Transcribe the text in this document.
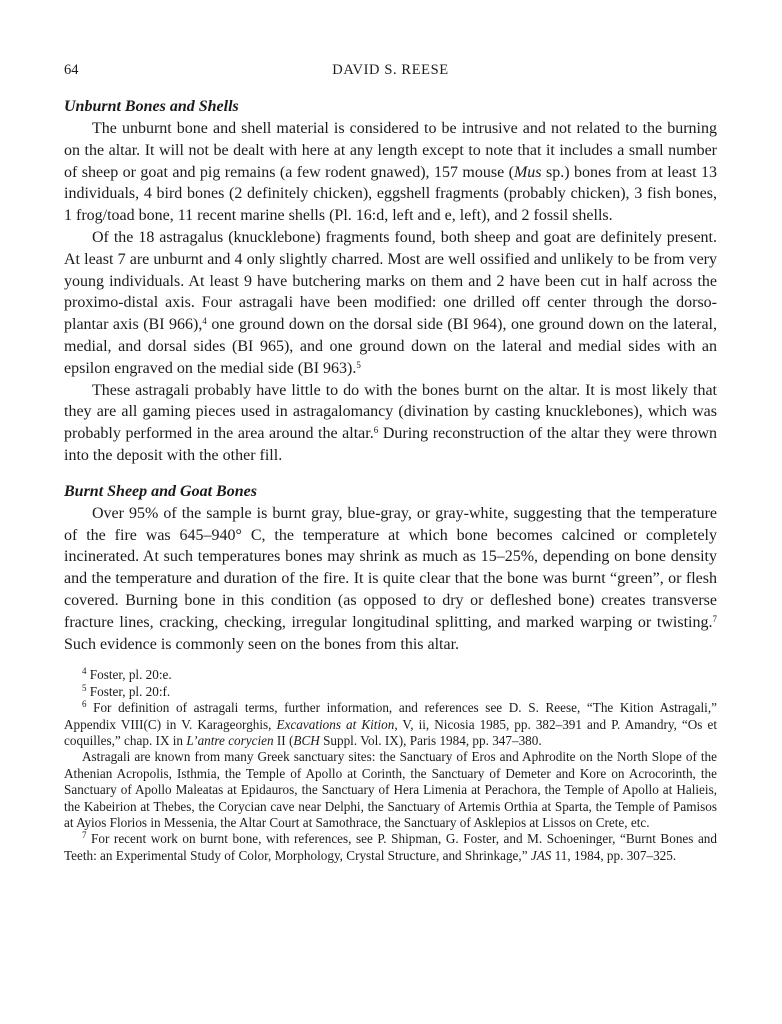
64	DAVID S. REESE
Unburnt Bones and Shells

The unburnt bone and shell material is considered to be intrusive and not related to the burning on the altar. It will not be dealt with here at any length except to note that it includes a small number of sheep or goat and pig remains (a few rodent gnawed), 157 mouse (Mus sp.) bones from at least 13 individuals, 4 bird bones (2 definitely chicken), eggshell fragments (probably chicken), 3 fish bones, 1 frog/toad bone, 11 recent marine shells (Pl. 16:d, left and e, left), and 2 fossil shells.

Of the 18 astragalus (knucklebone) fragments found, both sheep and goat are definitely present. At least 7 are unburnt and 4 only slightly charred. Most are well ossified and unlikely to be from very young individuals. At least 9 have butchering marks on them and 2 have been cut in half across the proximo-distal axis. Four astragali have been modified: one drilled off center through the dorso-plantar axis (BI 966),$^4$ one ground down on the dorsal side (BI 964), one ground down on the lateral, medial, and dorsal sides (BI 965), and one ground down on the lateral and medial sides with an epsilon engraved on the medial side (BI 963).$^5$

These astragali probably have little to do with the bones burnt on the altar. It is most likely that they are all gaming pieces used in astragalomancy (divination by casting knucklebones), which was probably performed in the area around the altar.$^6$ During reconstruction of the altar they were thrown into the deposit with the other fill.

Burnt Sheep and Goat Bones

Over 95% of the sample is burnt gray, blue-gray, or gray-white, suggesting that the temperature of the fire was 645–940° C, the temperature at which bone becomes calcined or completely incinerated. At such temperatures bones may shrink as much as 15–25%, depending on bone density and the temperature and duration of the fire. It is quite clear that the bone was burnt “green”, or flesh covered. Burning bone in this condition (as opposed to dry or defleshed bone) creates transverse fracture lines, cracking, checking, irregular longitudinal splitting, and marked warping or twisting.$^7$ Such evidence is commonly seen on the bones from this altar.

$^4$ Foster, pl. 20:e.

$^5$ Foster, pl. 20:f.

$^6$ For definition of astragali terms, further information, and references see D. S. Reese, “The Kition Astragali,” Appendix VIII(C) in V. Karageorghis, Excavations at Kition, V, ii, Nicosia 1985, pp. 382–391 and P. Amandry, “Os et coquilles,” chap. IX in L’antre corycien II (BCH Suppl. Vol. IX), Paris 1984, pp. 347–380.

Astragali are known from many Greek sanctuary sites: the Sanctuary of Eros and Aphrodite on the North Slope of the Athenian Acropolis, Isthmia, the Temple of Apollo at Corinth, the Sanctuary of Demeter and Kore on Acrocorinth, the Sanctuary of Apollo Maleatas at Epidauros, the Sanctuary of Hera Limenia at Perachora, the Temple of Apollo at Halieis, the Kabeirion at Thebes, the Corycian cave near Delphi, the Sanctuary of Artemis Orthia at Sparta, the Temple of Pamisos at Ayios Florios in Messenia, the Altar Court at Samothrace, the Sanctuary of Asklepios at Lissos on Crete, etc.

$^7$ For recent work on burnt bone, with references, see P. Shipman, G. Foster, and M. Schoeninger, “Burnt Bones and Teeth: an Experimental Study of Color, Morphology, Crystal Structure, and Shrinkage,” JAS 11, 1984, pp. 307–325.
